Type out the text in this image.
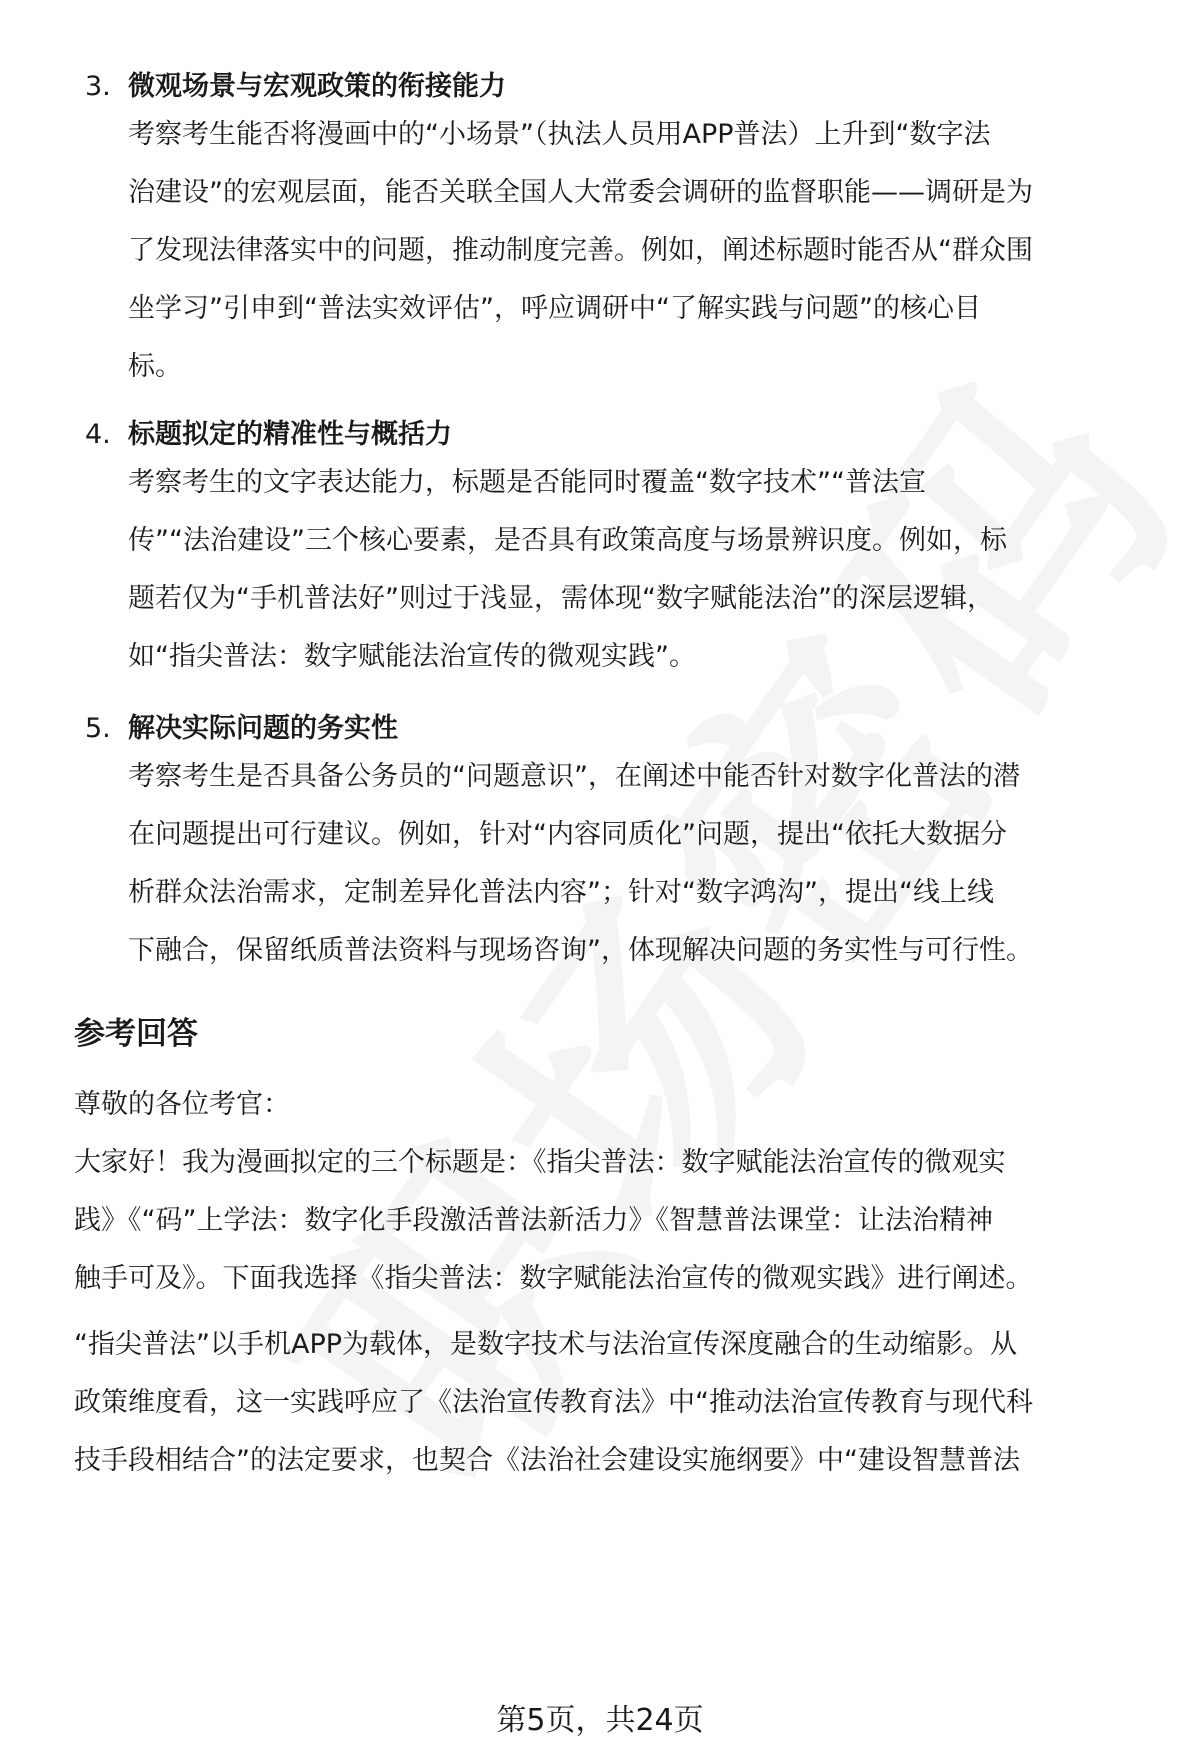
3. 微观场景与宏观政策的衔接能力
考察考生能否将漫画中的“小场景”（执法人员用APP普法）上升到“数字法
治建设”的宏观层面，能否关联全国人大常委会调研的监督职能——调研是为
了发现法律落实中的问题，推动制度完善。例如，阐述标题时能否从“群众围
坐学习”引申到“普法实效评估”，呼应调研中“了解实践与问题”的核心目
标。
4. 标题拟定的精准性与概括力
考察考生的文字表达能力，标题是否能同时覆盖“数字技术”“普法宣
传”“法治建设”三个核心要素，是否具有政策高度与场景辨识度。例如，标
题若仅为“手机普法好”则过于浅显，需体现“数字赋能法治”的深层逻辑，
如“指尖普法：数字赋能法治宣传的微观实践”。
5. 解决实际问题的务实性
考察考生是否具备公务员的“问题意识”，在阐述中能否针对数字化普法的潜
在问题提出可行建议。例如，针对“内容同质化”问题，提出“依托大数据分
析群众法治需求，定制差异化普法内容”；针对“数字鸿沟”，提出“线上线
下融合，保留纸质普法资料与现场咨询”，体现解决问题的务实性与可行性。
参考回答
尊敬的各位考官：
大家好！我为漫画拟定的三个标题是：《指尖普法：数字赋能法治宣传的微观实
践》《“码”上学法：数字化手段激活普法新活力》《智慧普法课堂：让法治精神
触手可及》。下面我选择《指尖普法：数字赋能法治宣传的微观实践》进行阐述。
“指尖普法”以手机APP为载体，是数字技术与法治宣传深度融合的生动缩影。从
政策维度看，这一实践呼应了《法治宣传教育法》中“推动法治宣传教育与现代科
技手段相结合”的法定要求，也契合《法治社会建设实施纲要》中“建设智慧普法
第5页，共24页
